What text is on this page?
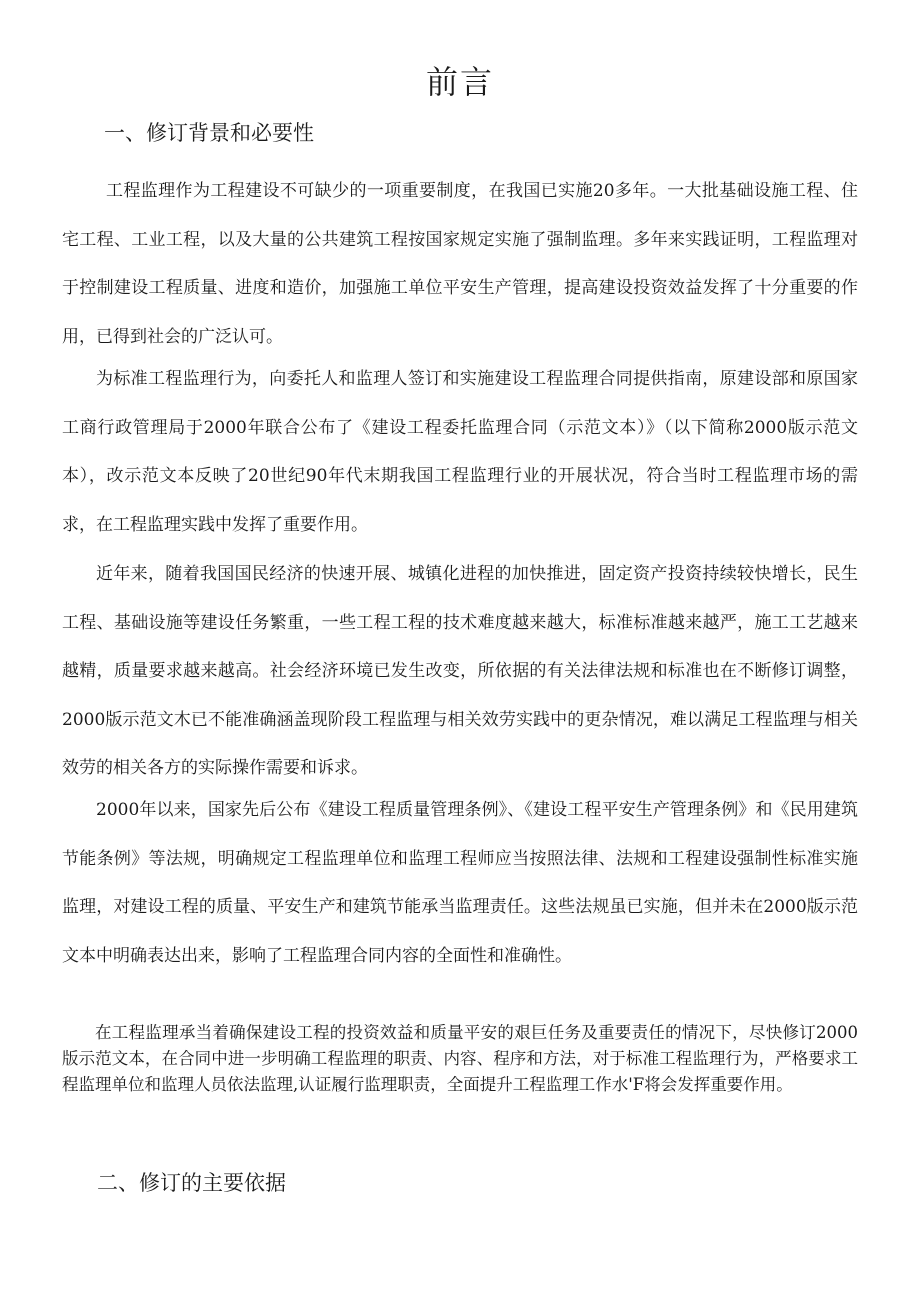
前言
一、修订背景和必要性

工程监理作为工程建设不可缺少的一项重要制度，在我国已实施20多年。一大批基础设施工程、住宅工程、工业工程，以及大量的公共建筑工程按国家规定实施了强制监理。多年来实践证明，工程监理对于控制建设工程质量、进度和造价，加强施工单位平安生产管理，提高建设投资效益发挥了十分重要的作用，已得到社会的广泛认可。

为标准工程监理行为，向委托人和监理人签订和实施建设工程监理合同提供指南，原建设部和原国家工商行政管理局于2000年联合公布了《建设工程委托监理合同（示范文本）》（以下简称2000版示范文本），改示范文本反映了20世纪90年代末期我国工程监理行业的开展状况，符合当时工程监理市场的需求，在工程监理实践中发挥了重要作用。

近年来，随着我国国民经济的快速开展、城镇化进程的加快推进，固定资产投资持续较快增长，民生工程、基础设施等建设任务繁重，一些工程工程的技术难度越来越大，标准标准越来越严，施工工艺越来越精，质量要求越来越高。社会经济环境已发生改变，所依据的有关法律法规和标准也在不断修订调整，2000版示范文木已不能准确涵盖现阶段工程监理与相关效劳实践中的更杂情况，难以满足工程监理与相关效劳的相关各方的实际操作需要和诉求。

2000年以来，国家先后公布《建设工程质量管理条例》、《建设工程平安生产管理条例》和《民用建筑节能条例》等法规，明确规定工程监理单位和监理工程师应当按照法律、法规和工程建设强制性标准实施监理，对建设工程的质量、平安生产和建筑节能承当监理责任。这些法规虽已实施，但并未在2000版示范文本中明确表达出来，影响了工程监理合同内容的全面性和准确性。

在工程监理承当着确保建设工程的投资效益和质量平安的艰巨任务及重要责任的情况下，尽快修订2000版示范文本，在合同中进一步明确工程监理的职责、内容、程序和方法，对于标准工程监理行为，严格要求工程监理单位和监理人员依法监理,认证履行监理职责，全面提升工程监理工作水'F将会发挥重要作用。

二、修订的主要依据
